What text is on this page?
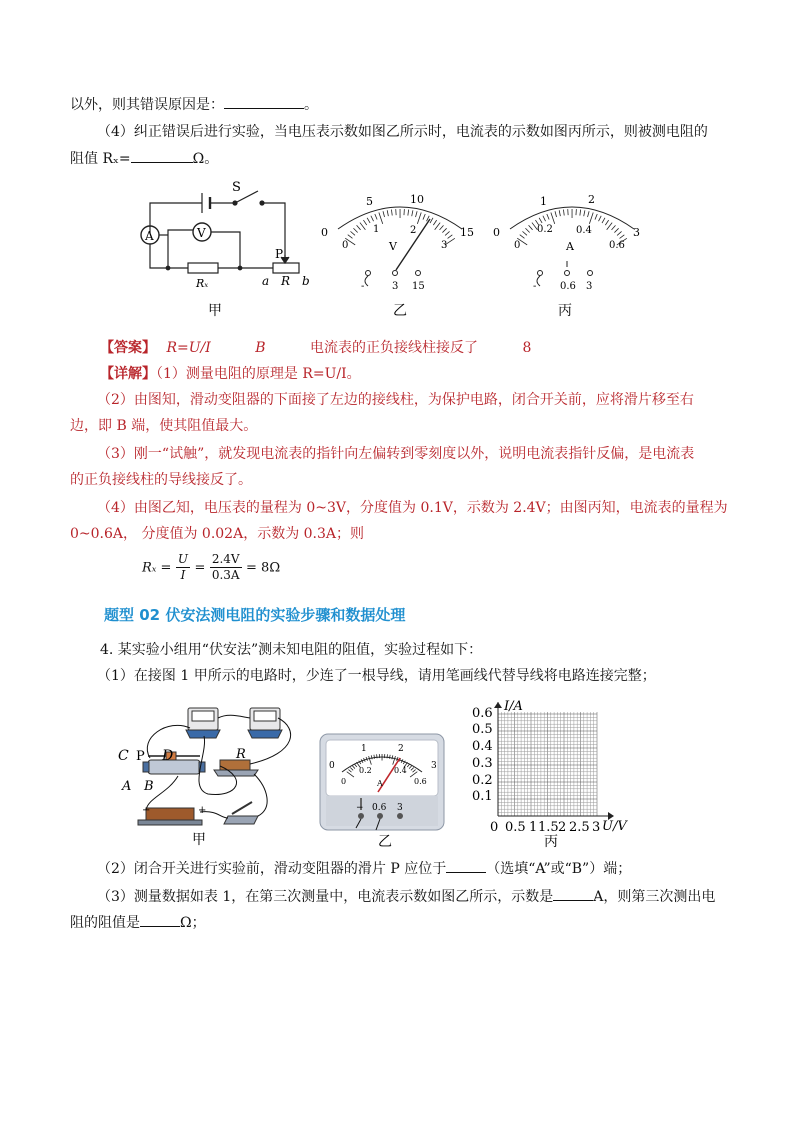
以外，则其错误原因是：	。
（4）纠正错误后进行实验，当电压表示数如图乙所示时，电流表的示数如图丙所示，则被测电阻的
阻值 Rₓ=	Ω。
S
A	V
Rₓ
P
a R b
甲
0
5	10
15
0
1	2
3
V
-	3 15
乙
0
1	2
3
0
0.2 0.4
0.6
A
- 0.6 3
丙
【答案】 R=U/I	B	电流表的正负接线柱接反了	8
【详解】（1）测量电阻的原理是 R=U/I。
（2）由图知，滑动变阻器的下面接了左边的接线柱，为保护电路，闭合开关前，应将滑片移至右
边，即 B 端，使其阻值最大。
（3）刚一“试触”，就发现电流表的指针向左偏转到零刻度以外，说明电流表指针反偏，是电流表
的正负接线柱的导线接反了。
（4）由图乙知，电压表的量程为 0~3V，分度值为 0.1V，示数为 2.4V；由图丙知，电流表的量程为
0~0.6A， 分度值为 0.02A，示数为 0.3A；则
$R_x = \frac{U}{I} = \frac{2.4V}{0.3A} = 8\Omega$
题型 02 伏安法测电阻的实验步骤和数据处理
4. 某实验小组用“伏安法”测未知电阻的阻值，实验过程如下：
（1）在接图 1 甲所示的电路时，少连了一根导线，请用笔画线代替导线将电路连接完整；
C P D
A B
R
−	+
甲
0
1	2
3
0
0.2	0.4
0.6
A
− 0.6 3
乙
I/A
U/V
0.6
0.5
0.4
0.3
0.2
0.1
0 0.5 1 1.5 2 2.5 3
丙
（2）闭合开关进行实验前，滑动变阻器的滑片 P 应位于	（选填“A”或“B”）端；
（3）测量数据如表 1，在第三次测量中，电流表示数如图乙所示，示数是	A，则第三次测出电
阻的阻值是	Ω；
